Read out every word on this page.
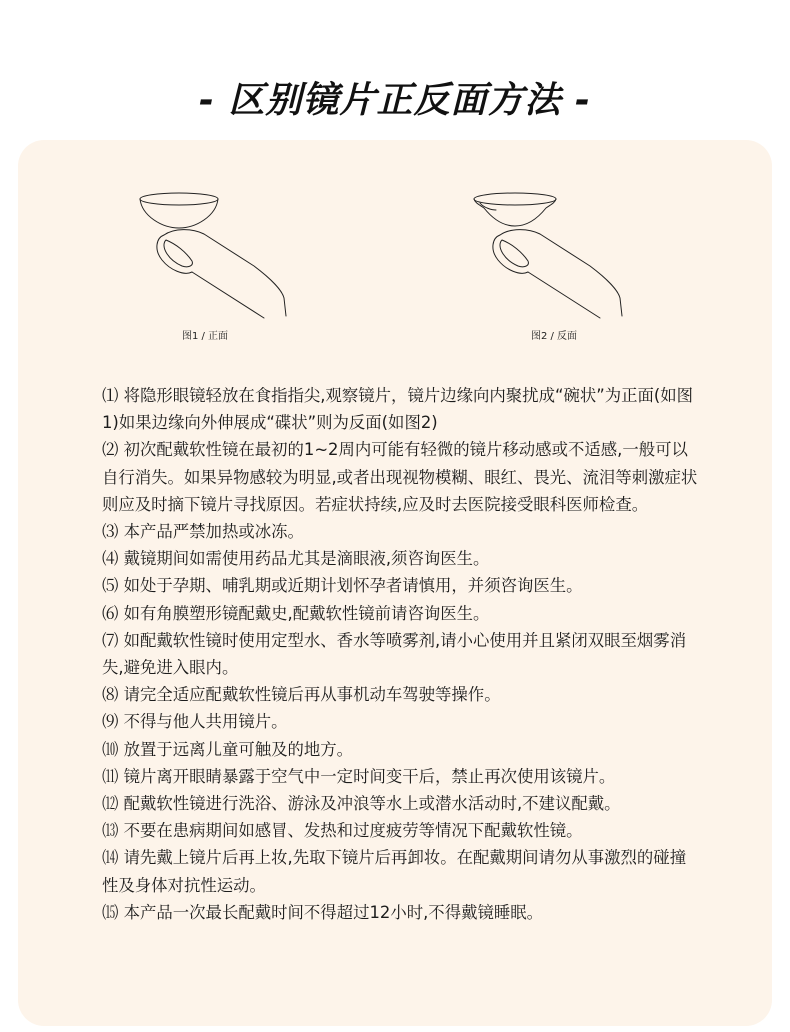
- 区别镜片正反面方法 -
图1 / 正面	图2 / 反面

⑴ 将隐形眼镜轻放在食指指尖,观察镜片，镜片边缘向内聚扰成“碗状”为正面(如图1)如果边缘向外伸展成“碟状”则为反面(如图2)

⑵ 初次配戴软性镜在最初的1~2周内可能有轻微的镜片移动感或不适感,一般可以自行消失。如果异物感较为明显,或者出现视物模糊、眼红、畏光、流泪等刺激症状则应及时摘下镜片寻找原因。若症状持续,应及时去医院接受眼科医师检查。

⑶ 本产品严禁加热或冰冻。

⑷ 戴镜期间如需使用药品尤其是滴眼液,须咨询医生。

⑸ 如处于孕期、哺乳期或近期计划怀孕者请慎用，并须咨询医生。

⑹ 如有角膜塑形镜配戴史,配戴软性镜前请咨询医生。

⑺ 如配戴软性镜时使用定型水、香水等喷雾剂,请小心使用并且紧闭双眼至烟雾消失,避免进入眼内。

⑻ 请完全适应配戴软性镜后再从事机动车驾驶等操作。

⑼ 不得与他人共用镜片。

⑽ 放置于远离儿童可触及的地方。

⑾ 镜片离开眼睛暴露于空气中一定时间变干后，禁止再次使用该镜片。

⑿ 配戴软性镜进行洗浴、游泳及冲浪等水上或潜水活动时,不建议配戴。

⒀ 不要在患病期间如感冒、发热和过度疲劳等情况下配戴软性镜。

⒁ 请先戴上镜片后再上妆,先取下镜片后再卸妆。在配戴期间请勿从事激烈的碰撞性及身体对抗性运动。

⒂ 本产品一次最长配戴时间不得超过12小时,不得戴镜睡眠。
